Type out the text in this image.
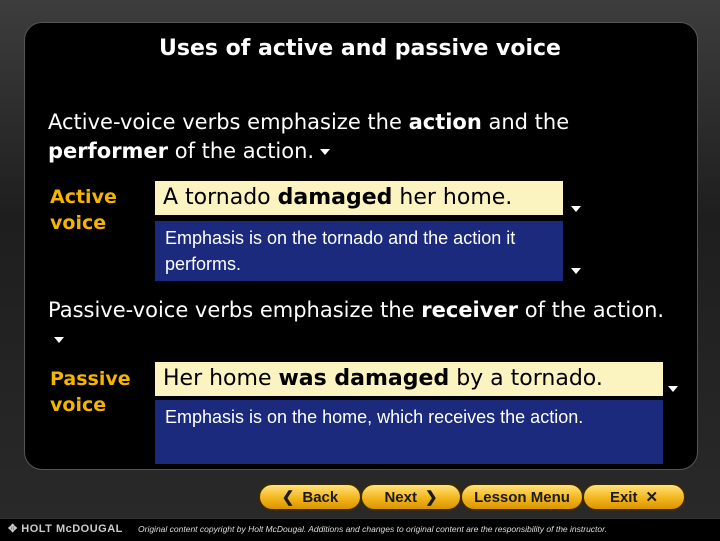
Uses of active and passive voice
Active-voice verbs emphasize the action and the performer of the action.
Active
voice
A tornado damaged her home.
Emphasis is on the tornado and the action it performs.
Passive-voice verbs emphasize the receiver of the action.
Passive
voice
Her home was damaged by a tornado.
Emphasis is on the home, which receives the action.
❮ Back	Next ❯ Lesson Menu	Exit ✕
✥ HOLT McDOUGAL Original content copyright by Holt McDougal. Additions and changes to original content are the responsibility of the instructor.
